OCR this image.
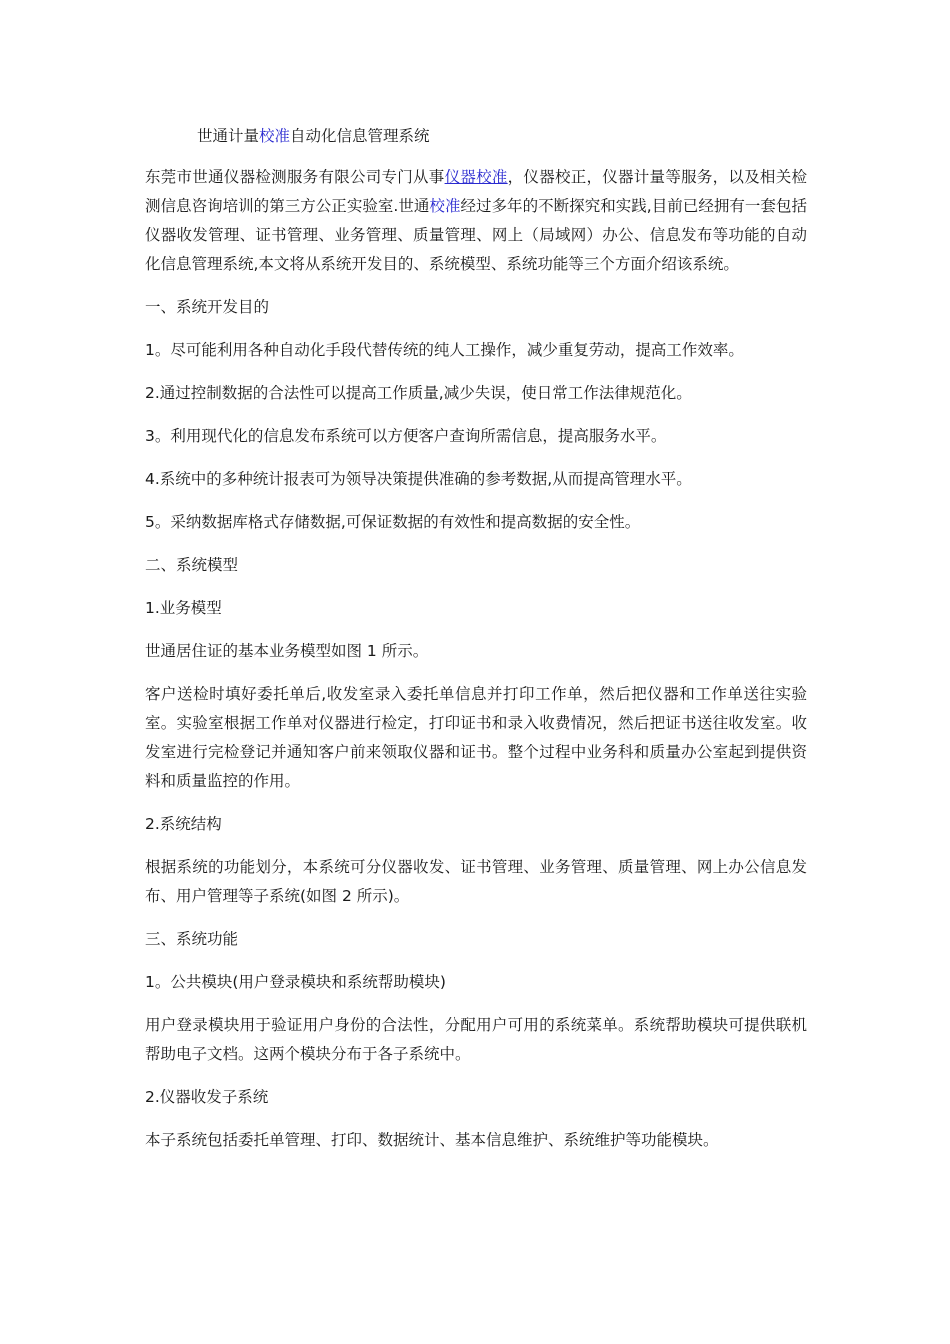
世通计量校准自动化信息管理系统

东莞市世通仪器检测服务有限公司专门从事仪器校准，仪器校正，仪器计量等服务，以及相关检测信息咨询培训的第三方公正实验室.世通校准经过多年的不断探究和实践,目前已经拥有一套包括仪器收发管理、证书管理、业务管理、质量管理、网上（局域网）办公、信息发布等功能的自动化信息管理系统,本文将从系统开发目的、系统模型、系统功能等三个方面介绍该系统。

一、系统开发目的

1。尽可能利用各种自动化手段代替传统的纯人工操作，减少重复劳动，提高工作效率。

2.通过控制数据的合法性可以提高工作质量,减少失误，使日常工作法律规范化。

3。利用现代化的信息发布系统可以方便客户查询所需信息，提高服务水平。

4.系统中的多种统计报表可为领导决策提供准确的参考数据,从而提高管理水平。

5。采纳数据库格式存储数据,可保证数据的有效性和提高数据的安全性。

二、系统模型

1.业务模型

世通居住证的基本业务模型如图 1 所示。

客户送检时填好委托单后,收发室录入委托单信息并打印工作单，然后把仪器和工作单送往实验室。实验室根据工作单对仪器进行检定，打印证书和录入收费情况，然后把证书送往收发室。收发室进行完检登记并通知客户前来领取仪器和证书。整个过程中业务科和质量办公室起到提供资料和质量监控的作用。

2.系统结构

根据系统的功能划分，本系统可分仪器收发、证书管理、业务管理、质量管理、网上办公信息发布、用户管理等子系统(如图 2 所示)。

三、系统功能

1。公共模块(用户登录模块和系统帮助模块)

用户登录模块用于验证用户身份的合法性，分配用户可用的系统菜单。系统帮助模块可提供联机帮助电子文档。这两个模块分布于各子系统中。

2.仪器收发子系统

本子系统包括委托单管理、打印、数据统计、基本信息维护、系统维护等功能模块。
